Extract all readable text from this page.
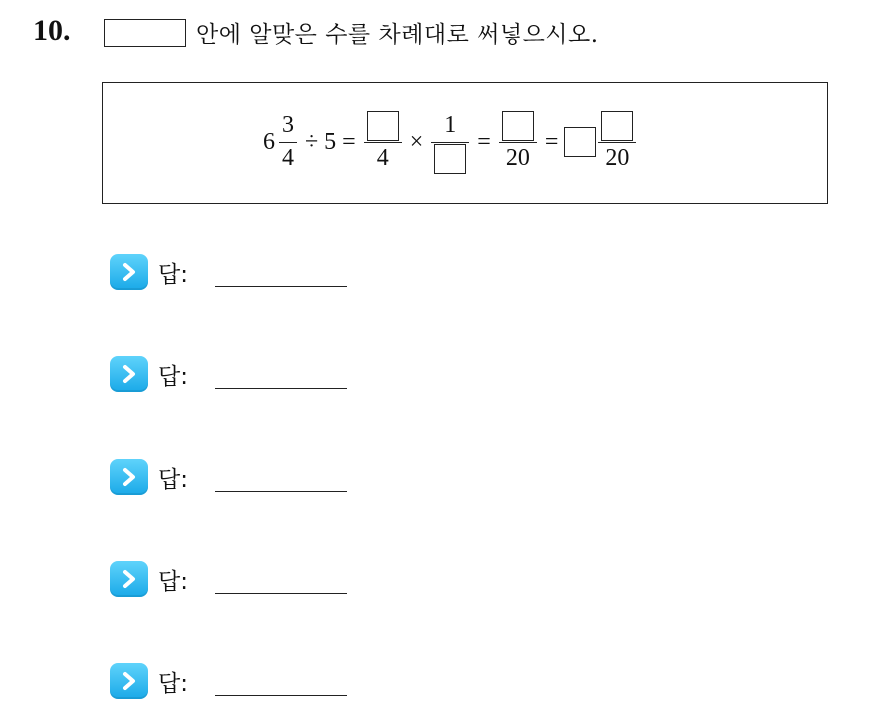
10.	안에 알맞은 수를 차례대로 써넣으시오.
$6 \frac{3}{4} \div 5$ =
4
×
1
=
20
=
20
답:
답:
답:
답:
답:
